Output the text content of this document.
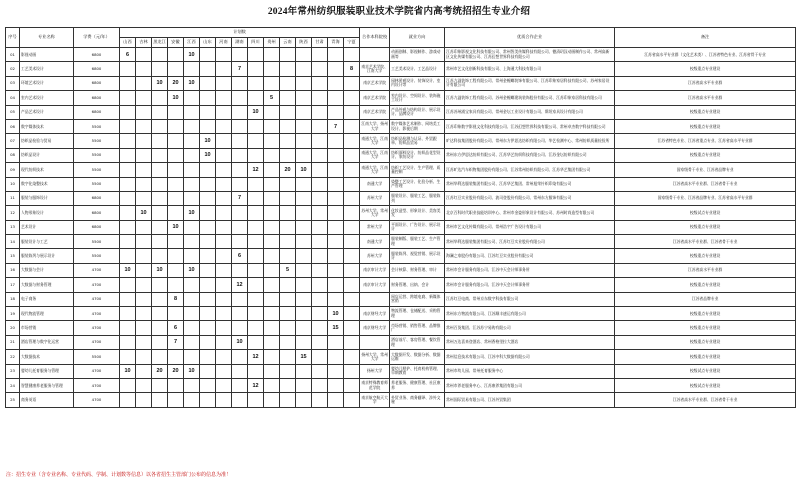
2024年常州纺织服装职业技术学院省内高考统招招生专业介绍
序号	专业名称	学费（元/年）	计划数															合作本科院校	就业方向	优质合作企业	备注
			山西	吉林	黑龙江	安徽	江西	山东	河南	湖南	四川	贵州	云南	陕西	甘肃	青海	宁夏				
01	影视动画	6800	6				10												动画创制、影视制作、游戏动画等	江苏印象影视文化科技有限公司、常州智美传媒科技有限公司、德清玥汉动画制作公司、常州高新区文化传媒有限公司、江苏幻想世界科技有限公司	江苏省高水平专业群（文化艺术类）、江苏省特色专业、江苏省骨干专业
02	工艺美术设计	6800								7							8	南京艺术学院、江南大学	工艺美术设计、工艺品设计	常州市艺文化创新科技有限公司、上海通大科技有限公司	校级重点专业建设
03	环境艺术设计	6800			10	20	10											南京艺术学院	园林景观设计、装饰设计、室内设计等	江苏九溢装饰工程有限公司、常州金螳螂装饰有限公司、江苏印象家居科技有限公司、苏州家居设计有限公司	江苏省高水平专业群
04	室内艺术设计	6800				10						5						南京艺术学院	室内设计、空间设计、装饰施工设计	江苏九溢装饰工程有限公司、苏州金螳螂建筑装饰股份有限公司、江苏印象家居科技有限公司	江苏省高水平专业群
05	产品艺术设计	6800									10							南京艺术学院	产品外观与结构设计、展示设计、品牌设计	江苏苏州浦宝家具有限公司、常州金坛工业设计有限公司、斯坦家具设计有限公司	校级重点专业建设
06	数字媒体技术	5500														7		江南大学、扬州大学	数字媒体艺术制作、网络美工设计、影视后期	江苏印象数字影视文化科技有限公司、江苏幻想世界科技有限公司、常州卓杰数字科技有限公司	校级重点专业建设
07	纺织品检验与贸易	5500						10										南通大学、江南大学	纺织品检测与认证、外贸跟单、纺织品贸易	旷达科技集团股份有限公司、常州东方伊思达纺织有限公司、华艺检测中心、常州纺织质量检验所	江苏省特色专业、江苏省重点专业、江苏省高水平专业群
08	纺织品设计	5500						10										南通大学、江南大学	纺织面料设计、纺织品花型设计、家纺设计	常州东方伊思达纺织有限公司、江苏华艺纺织科技有限公司、江苏金坛纺织有限公司	校级重点专业建设
09	现代纺织技术	5500									12		20	10				南通大学、江南大学	纺织工艺设计、生产管理、质量控制	江苏旷达汽车织物集团股份有限公司、江苏常州纺织有限公司、江苏华艺集团有限公司	国家级骨干专业、江苏省品牌专业
10	数字化染整技术	5500																南通大学	染整工艺设计、化验分析、生产管理	常州华利达服装集团有限公司、江苏华艺集团、常州旭荣针织印染有限公司	江苏省高水平专业群、江苏省骨干专业
11	服装与服饰设计	6800								7								苏州大学	服装设计、服装工艺、服装陈列	江苏红豆实业股份有限公司、波司登股份有限公司、常州东方服饰有限公司	国家级骨干专业、江苏省品牌专业、江苏省高水平专业群
12	人物形象设计	6800		10			10											苏州大学、常州大学	化妆造型、形象设计、美容美发	北京百科时代职业技能培训中心、常州市金姿形象设计有限公司、苏州时尚造型有限公司	校级试点专业建设
13	艺术设计	6800				10												常州大学	平面设计、广告设计、展示设计	常州市艺文化传媒有限公司、常州浩宇广告设计有限公司	校级重点专业建设
14	服装设计与工艺	5500																南通大学	服装制版、服装工艺、生产管理	常州华利达服装集团有限公司、江苏红豆实业股份有限公司	江苏省高水平专业群、江苏省骨干专业
15	服装陈列与展示设计	5500								6								苏州大学	服装陈列、视觉营销、展示设计	海澜之家股份有限公司、江苏红豆实业股份有限公司	校级重点专业建设
16	大数据与会计	4700	10		10		10						5					南京审计大学	会计核算、财务管理、审计	常州市会计服务有限公司、江苏中天会计师事务所	江苏省高水平专业群
17	大数据与财务管理	4700								12								南京审计大学	财务管理、出纳、会计	常州市会计服务有限公司、江苏中天会计师事务所	校级重点专业建设
18	电子商务	4700				8													网店运营、跨境电商、新媒体营销	江苏红豆电商、常州京东数字科技有限公司	江苏省品牌专业
19	现代物流管理	4700														10		南京财经大学	物流管理、仓储配送、采购管理	常州东方物流有限公司、江苏顺丰速运有限公司	校级重点专业建设
20	市场营销	4700				6										15		南京财经大学	市场营销、销售管理、品牌推广	常州百货集团、江苏苏宁易购有限公司	校级重点专业建设
21	酒店管理与数字化运营	4700				7				10									酒店前厅、客房管理、餐饮管理	常州万达喜来登酒店、常州香格里拉大酒店	校级重点专业建设
22	大数据技术	5500									12			15				扬州大学、常州大学	大数据开发、数据分析、数据运维	常州信息技术有限公司、江苏中科大数据有限公司	校级重点专业建设
23	婴幼儿托育服务与管理	4700	10		20	20	10											扬州大学	婴幼儿照护、托育机构管理、早期教育	常州市幼儿园、常州托育服务中心	校级试点专业建设
24	智慧健康养老服务与管理	4700									12							南京特殊教育师范学院	养老服务、健康管理、社区康养	常州市养老服务中心、江苏康养集团有限公司	校级试点专业建设
25	商务英语	4700																南京航空航天大学	外贸业务、商务翻译、涉外文秘	常州国际贸易有限公司、江苏外贸集团	江苏省高水平专业群、江苏省骨干专业
注：招生专业（含专业名称、专业代码、学制、计划数等信息）以各省招生主管部门公布的信息为准！
